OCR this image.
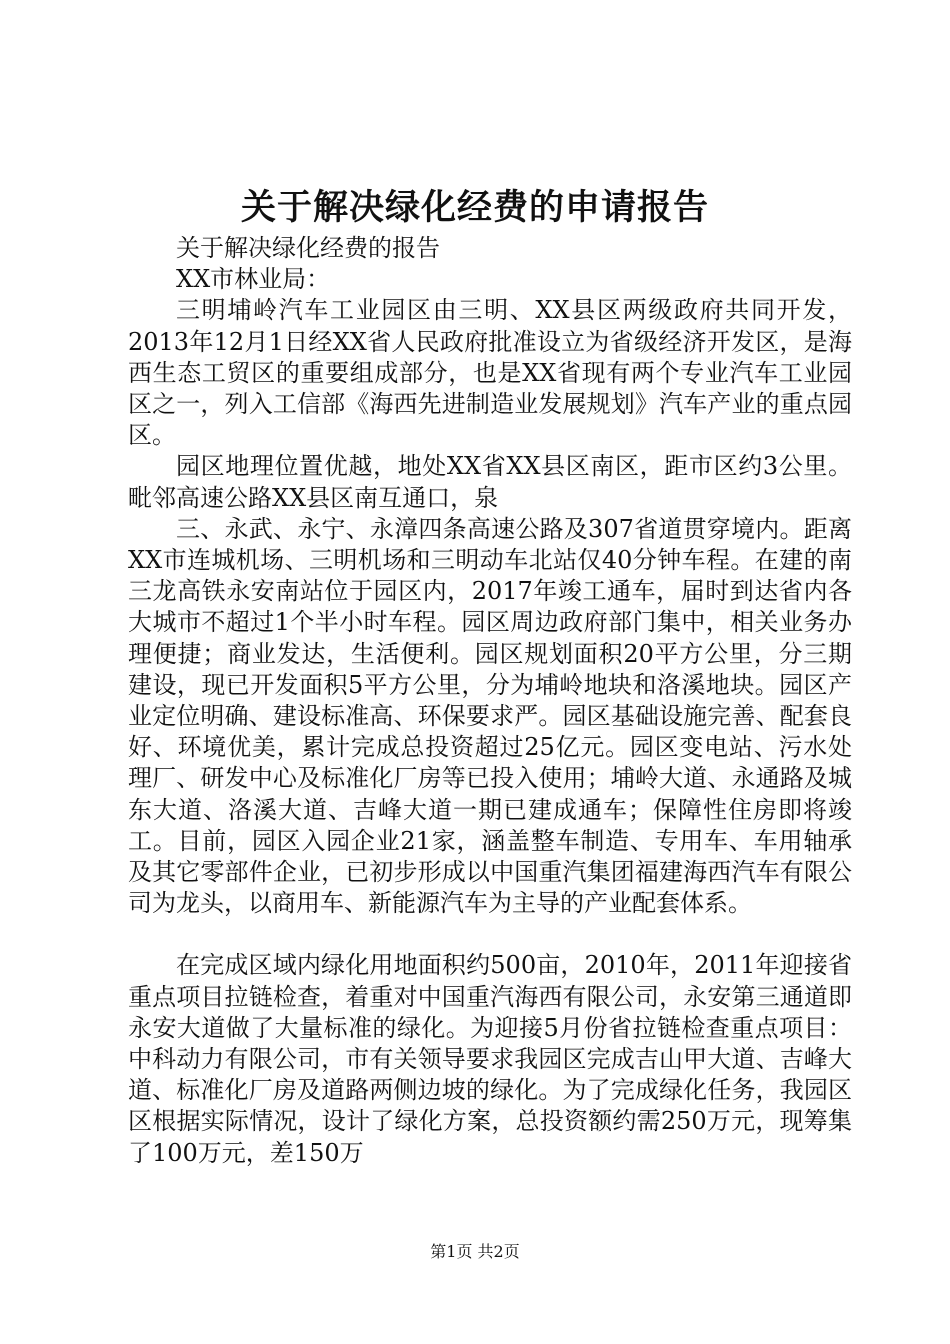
关于解决绿化经费的申请报告

关于解决绿化经费的报告

XX市林业局：

三明埔岭汽车工业园区由三明、XX县区两级政府共同开发，2013年12月1日经XX省人民政府批准设立为省级经济开发区，是海西生态工贸区的重要组成部分，也是XX省现有两个专业汽车工业园区之一，列入工信部《海西先进制造业发展规划》汽车产业的重点园区。

园区地理位置优越，地处XX省XX县区南区，距市区约3公里。毗邻高速公路XX县区南互通口，泉

三、永武、永宁、永漳四条高速公路及307省道贯穿境内。距离XX市连城机场、三明机场和三明动车北站仅40分钟车程。在建的南三龙高铁永安南站位于园区内，2017年竣工通车，届时到达省内各大城市不超过1个半小时车程。园区周边政府部门集中，相关业务办理便捷；商业发达，生活便利。园区规划面积20平方公里，分三期建设，现已开发面积5平方公里，分为埔岭地块和洛溪地块。园区产业定位明确、建设标准高、环保要求严。园区基础设施完善、配套良好、环境优美，累计完成总投资超过25亿元。园区变电站、污水处理厂、研发中心及标准化厂房等已投入使用；埔岭大道、永通路及城东大道、洛溪大道、吉峰大道一期已建成通车；保障性住房即将竣工。目前，园区入园企业21家，涵盖整车制造、专用车、车用轴承及其它零部件企业，已初步形成以中国重汽集团福建海西汽车有限公司为龙头，以商用车、新能源汽车为主导的产业配套体系。

在完成区域内绿化用地面积约500亩，2010年，2011年迎接省重点项目拉链检查，着重对中国重汽海西有限公司，永安第三通道即永安大道做了大量标准的绿化。为迎接5月份省拉链检查重点项目：中科动力有限公司，市有关领导要求我园区完成吉山甲大道、吉峰大道、标准化厂房及道路两侧边坡的绿化。为了完成绿化任务，我园区区根据实际情况，设计了绿化方案，总投资额约需250万元，现筹集了100万元，差150万

第1页 共2页
